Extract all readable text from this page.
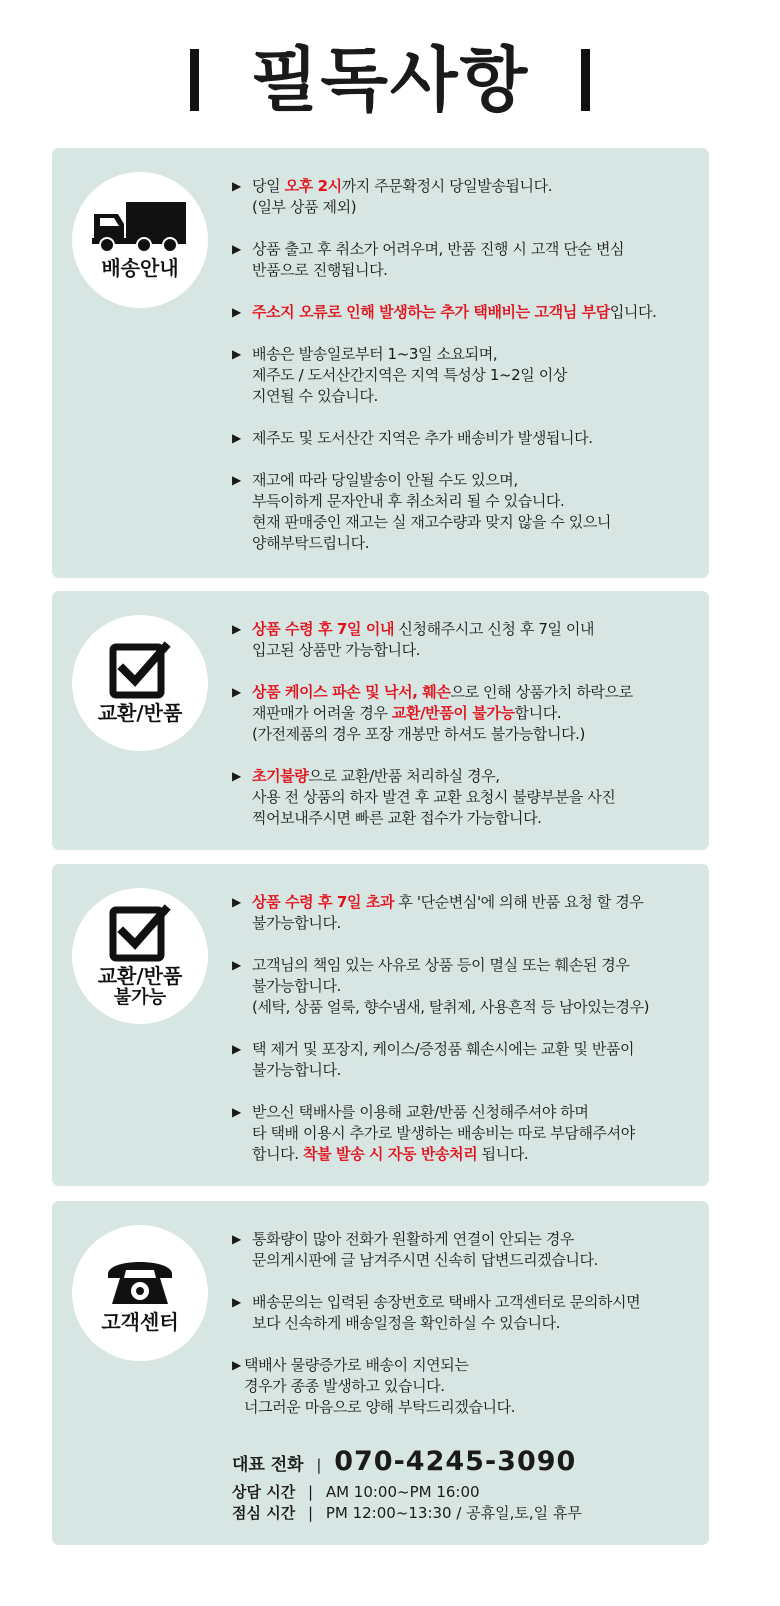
필독사항
배송안내
▶ 당일 오후 2시까지 주문확정시 당일발송됩니다.
(일부 상품 제외)
▶ 상품 출고 후 취소가 어려우며, 반품 진행 시 고객 단순 변심
반품으로 진행됩니다.
▶ 주소지 오류로 인해 발생하는 추가 택배비는 고객님 부담입니다.
▶ 배송은 발송일로부터 1~3일 소요되며,
제주도 / 도서산간지역은 지역 특성상 1~2일 이상
지연될 수 있습니다.
▶ 제주도 및 도서산간 지역은 추가 배송비가 발생됩니다.
▶ 재고에 따라 당일발송이 안될 수도 있으며,
부득이하게 문자안내 후 취소처리 될 수 있습니다.
현재 판매중인 재고는 실 재고수량과 맞지 않을 수 있으니
양해부탁드립니다.
교환/반품
▶ 상품 수령 후 7일 이내 신청해주시고 신청 후 7일 이내
입고된 상품만 가능합니다.
▶ 상품 케이스 파손 및 낙서, 훼손으로 인해 상품가치 하락으로
재판매가 어려울 경우 교환/반품이 불가능합니다.
(가전제품의 경우 포장 개봉만 하셔도 불가능합니다.)
▶ 초기불량으로 교환/반품 처리하실 경우,
사용 전 상품의 하자 발견 후 교환 요청시 불량부분을 사진
찍어보내주시면 빠른 교환 접수가 가능합니다.
교환/반품
불가능
▶ 상품 수령 후 7일 초과 후 '단순변심'에 의해 반품 요청 할 경우
불가능합니다.
▶ 고객님의 책임 있는 사유로 상품 등이 멸실 또는 훼손된 경우
불가능합니다.
(세탁, 상품 얼룩, 향수냄새, 탈취제, 사용흔적 등 남아있는경우)
▶ 택 제거 및 포장지, 케이스/증정품 훼손시에는 교환 및 반품이
불가능합니다.
▶ 받으신 택배사를 이용해 교환/반품 신청해주셔야 하며
타 택배 이용시 추가로 발생하는 배송비는 따로 부담해주셔야
합니다. 착불 발송 시 자동 반송처리 됩니다.
고객센터
▶ 통화량이 많아 전화가 원활하게 연결이 안되는 경우
문의게시판에 글 남겨주시면 신속히 답변드리겠습니다.
▶ 배송문의는 입력된 송장번호로 택배사 고객센터로 문의하시면
보다 신속하게 배송일정을 확인하실 수 있습니다.
▶ 택배사 물량증가로 배송이 지연되는
경우가 종종 발생하고 있습니다.
너그러운 마음으로 양해 부탁드리겠습니다.
대표 전화 | 070-4245-3090
상담 시간 | AM 10:00~PM 16:00
점심 시간 | PM 12:00~13:30 / 공휴일,토,일 휴무
